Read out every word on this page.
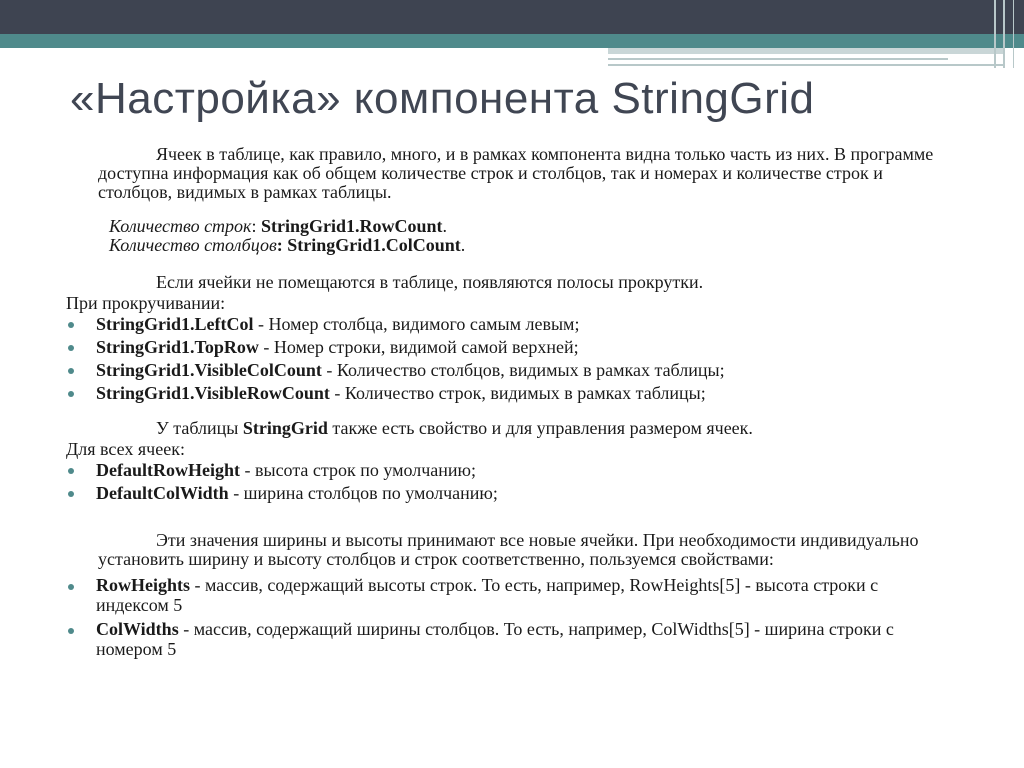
«Настройка» компонента StringGrid

Ячеек в таблице, как правило, много, и в рамках компонента видна только часть из них. В программе доступна информация как об общем количестве строк и столбцов, так и номерах и количестве строк и столбцов, видимых в рамках таблицы.

Количество строк: StringGrid1.RowCount.
Количество столбцов: StringGrid1.ColCount.

Если ячейки не помещаются в таблице, появляются полосы прокрутки.

При прокручивании:

StringGrid1.LeftCol - Номер столбца, видимого самым левым;
StringGrid1.TopRow - Номер строки, видимой самой верхней;
StringGrid1.VisibleColCount - Количество столбцов, видимых в рамках таблицы;
StringGrid1.VisibleRowCount - Количество строк, видимых в рамках таблицы;

У таблицы StringGrid также есть свойство и для управления размером ячеек.

Для всех ячеек:

DefaultRowHeight - высота строк по умолчанию;
DefaultColWidth - ширина столбцов по умолчанию;

Эти значения ширины и высоты принимают все новые ячейки. При необходимости индивидуально установить ширину и высоту столбцов и строк соответственно, пользуемся свойствами:

RowHeights - массив, содержащий высоты строк. То есть, например, RowHeights[5] - высота строки с индексом 5
ColWidths - массив, содержащий ширины столбцов. То есть, например, ColWidths[5] - ширина строки с номером 5
